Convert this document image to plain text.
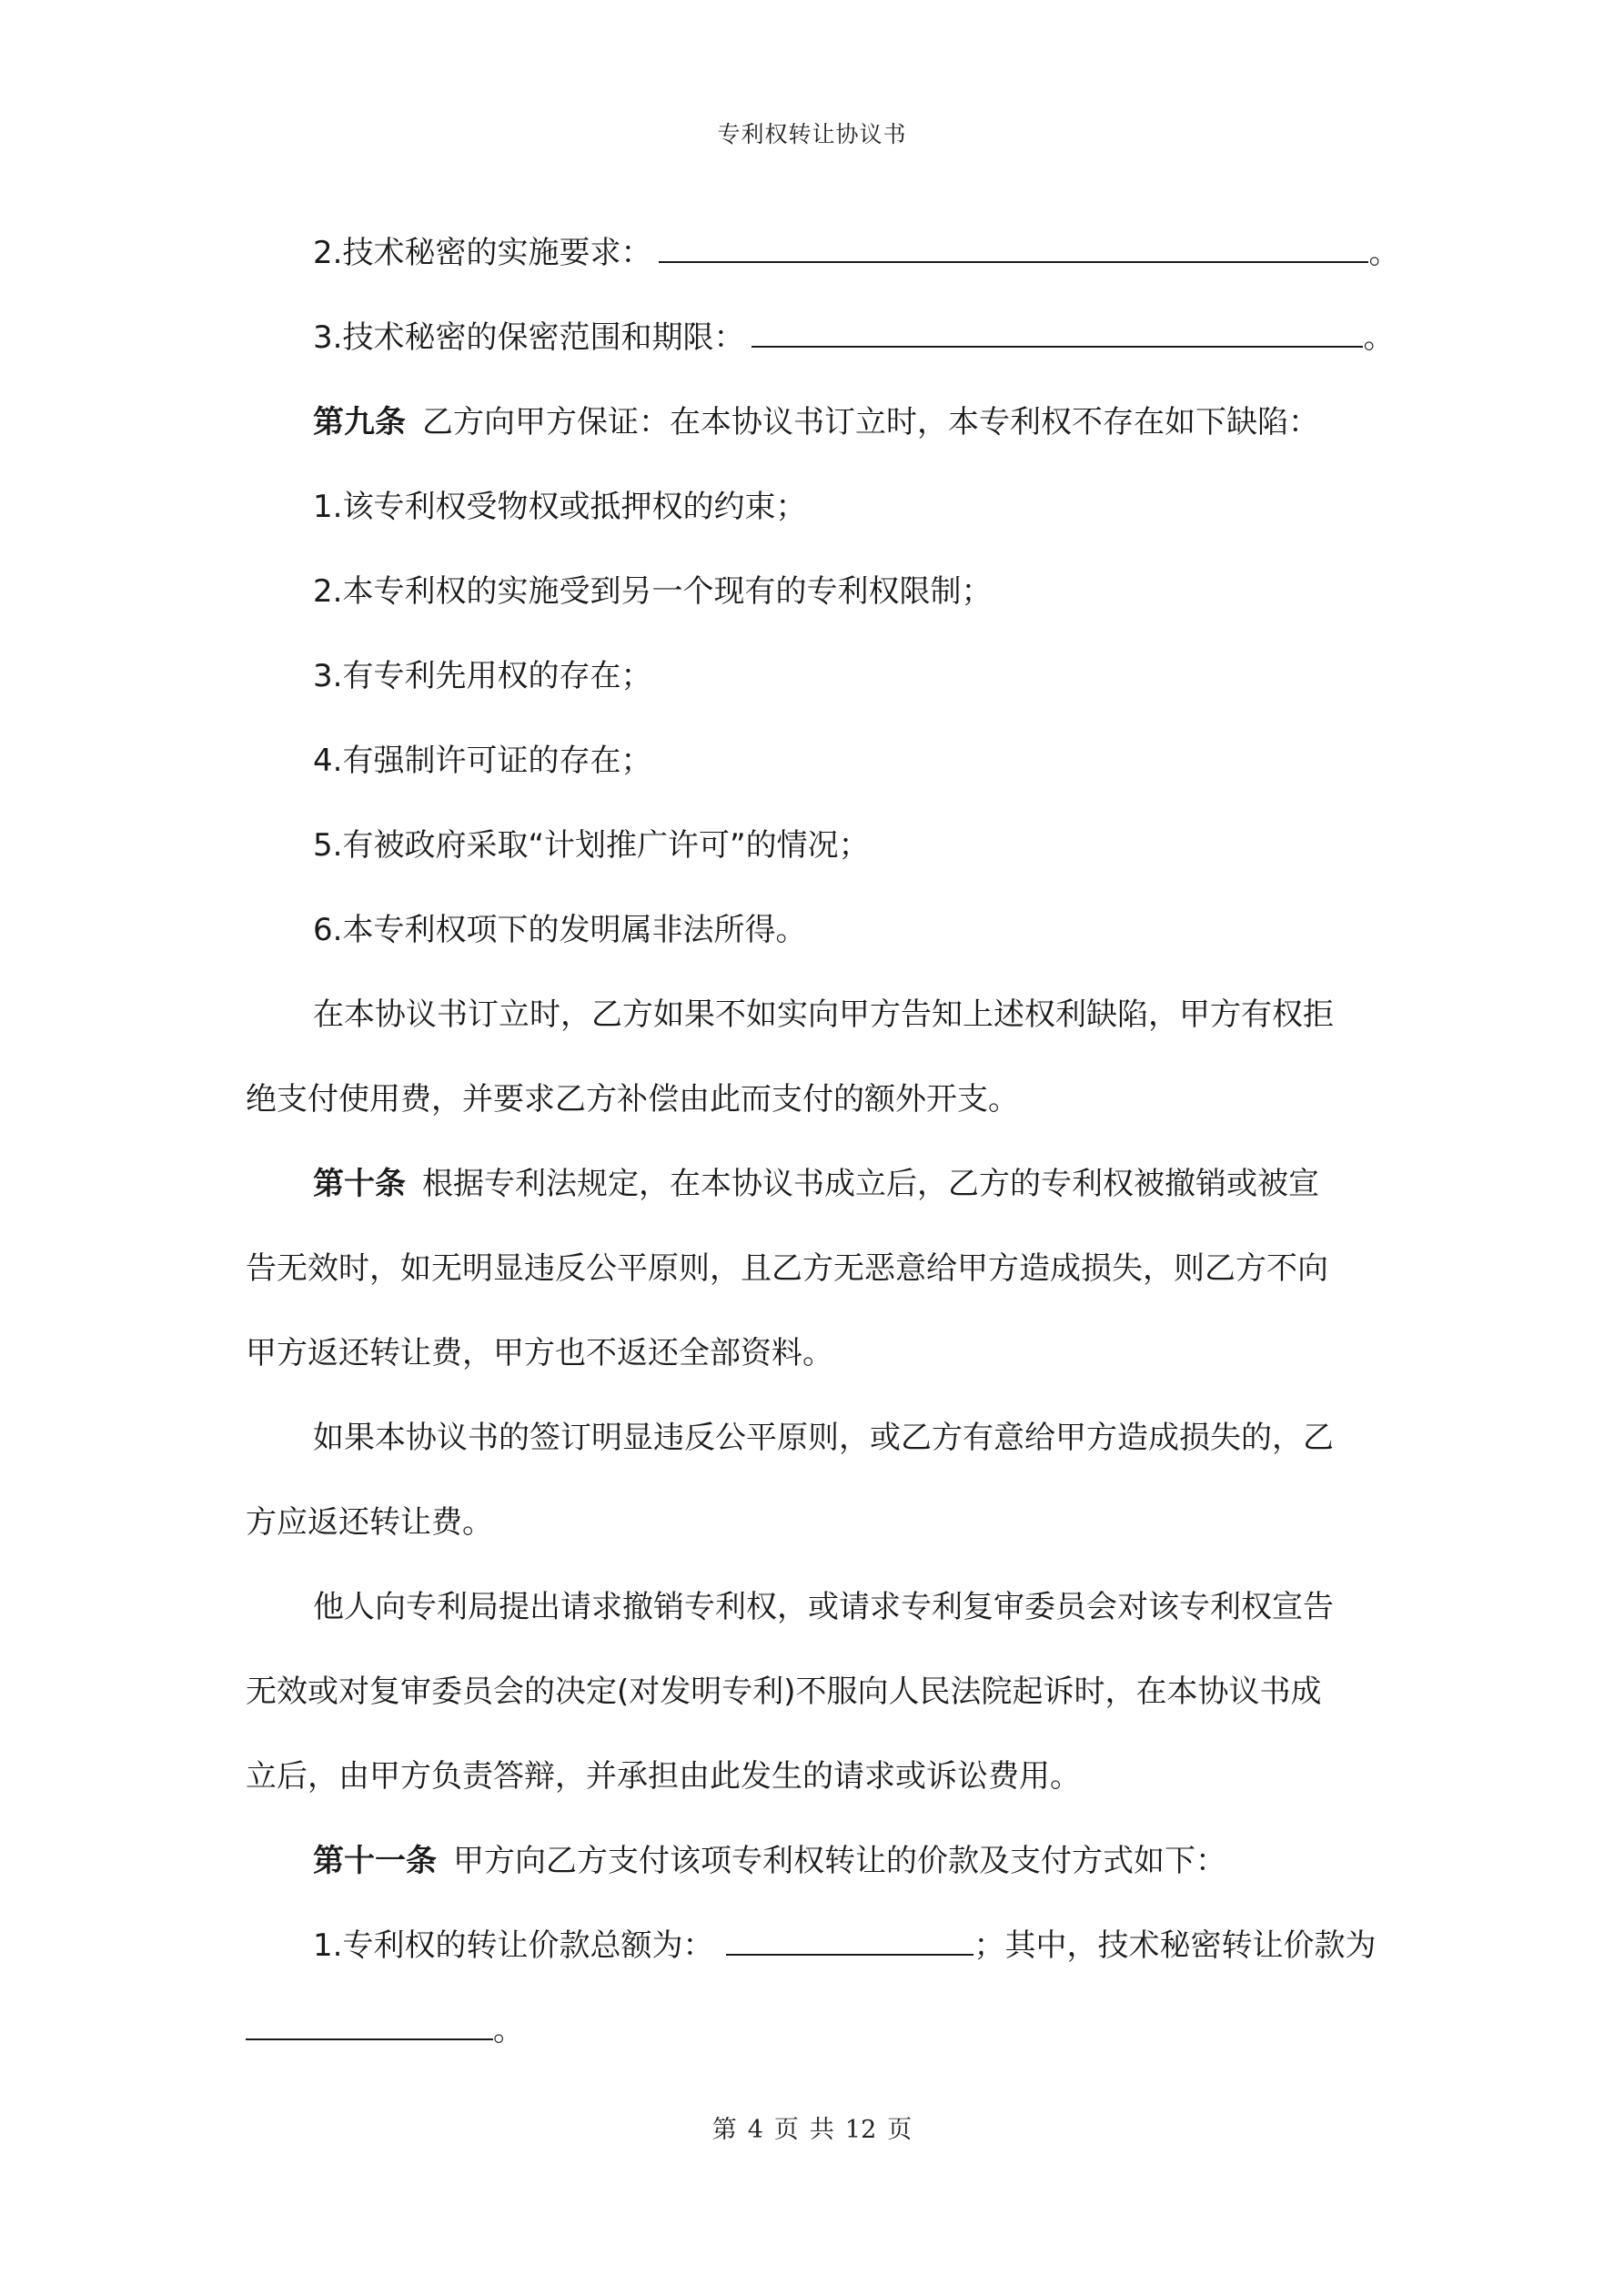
专利权转让协议书

2.技术秘密的实施要求：	。

3.技术秘密的保密范围和期限：	。

第九条 乙方向甲方保证：在本协议书订立时，本专利权不存在如下缺陷：

1.该专利权受物权或抵押权的约束；

2.本专利权的实施受到另一个现有的专利权限制；

3.有专利先用权的存在；

4.有强制许可证的存在；

5.有被政府采取“计划推广许可”的情况；

6.本专利权项下的发明属非法所得。

在本协议书订立时，乙方如果不如实向甲方告知上述权利缺陷，甲方有权拒

绝支付使用费，并要求乙方补偿由此而支付的额外开支。

第十条 根据专利法规定，在本协议书成立后，乙方的专利权被撤销或被宣

告无效时，如无明显违反公平原则，且乙方无恶意给甲方造成损失，则乙方不向

甲方返还转让费，甲方也不返还全部资料。

如果本协议书的签订明显违反公平原则，或乙方有意给甲方造成损失的，乙

方应返还转让费。

他人向专利局提出请求撤销专利权，或请求专利复审委员会对该专利权宣告

无效或对复审委员会的决定(对发明专利)不服向人民法院起诉时，在本协议书成

立后，由甲方负责答辩，并承担由此发生的请求或诉讼费用。

第十一条 甲方向乙方支付该项专利权转让的价款及支付方式如下：

1.专利权的转让价款总额为：	；其中，技术秘密转让价款为

。

第 4 页 共 12 页
